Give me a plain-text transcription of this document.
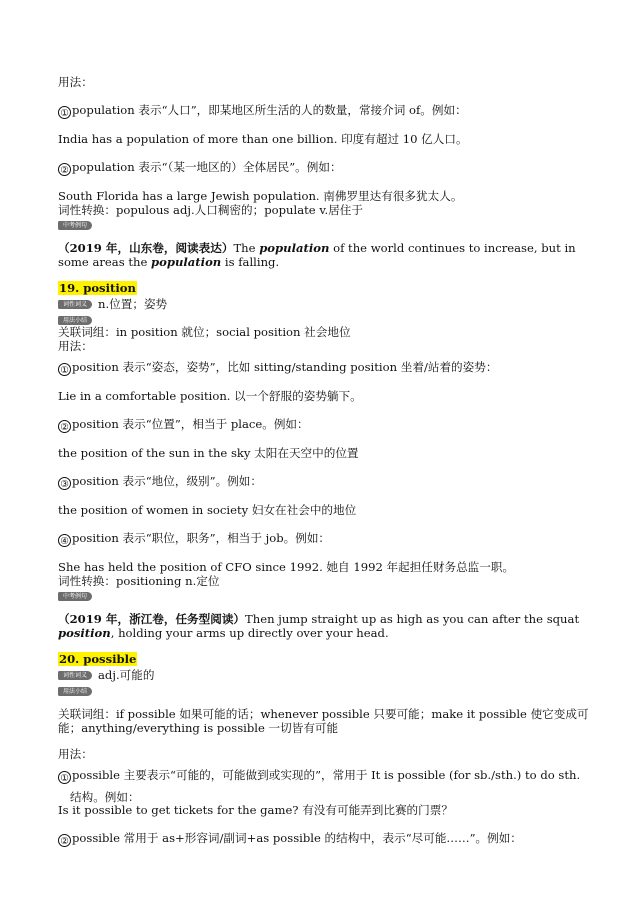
用法：

① population 表示“人口”，即某地区所生活的人的数量，常接介词 of。例如：

India has a population of more than one billion. 印度有超过 10 亿人口。

② population 表示“（某一地区的）全体居民”。例如：

South Florida has a large Jewish population. 南佛罗里达有很多犹太人。

词性转换：populous adj.人口稠密的；populate v.居住于

中考例句

（2019 年，山东卷，阅读表达）The population of the world continues to increase, but in some areas the population is falling.

19. position

词性词义 n.位置；姿势
用法小结

关联词组：in position 就位；social position 社会地位

用法：

① position 表示“姿态，姿势”，比如 sitting/standing position 坐着/站着的姿势：

Lie in a comfortable position. 以一个舒服的姿势躺下。

② position 表示“位置”，相当于 place。例如：

the position of the sun in the sky 太阳在天空中的位置

③ position 表示“地位，级别”。例如：

the position of women in society 妇女在社会中的地位

④ position 表示“职位，职务”，相当于 job。例如：

She has held the position of CFO since 1992. 她自 1992 年起担任财务总监一职。

词性转换：positioning n.定位

中考例句

（2019 年，浙江卷，任务型阅读）Then jump straight up as high as you can after the squat position, holding your arms up directly over your head.

20. possible

词性词义 adj.可能的
用法小结

关联词组：if possible 如果可能的话；whenever possible 只要可能；make it possible 使它变成可能；anything/everything is possible 一切皆有可能

用法：

① possible 主要表示“可能的，可能做到或实现的”，常用于 It is possible (for sb./sth.) to do sth.

结构。例如：

Is it possible to get tickets for the game? 有没有可能弄到比赛的门票？

② possible 常用于 as+形容词/副词+as possible 的结构中，表示“尽可能……”。例如：
